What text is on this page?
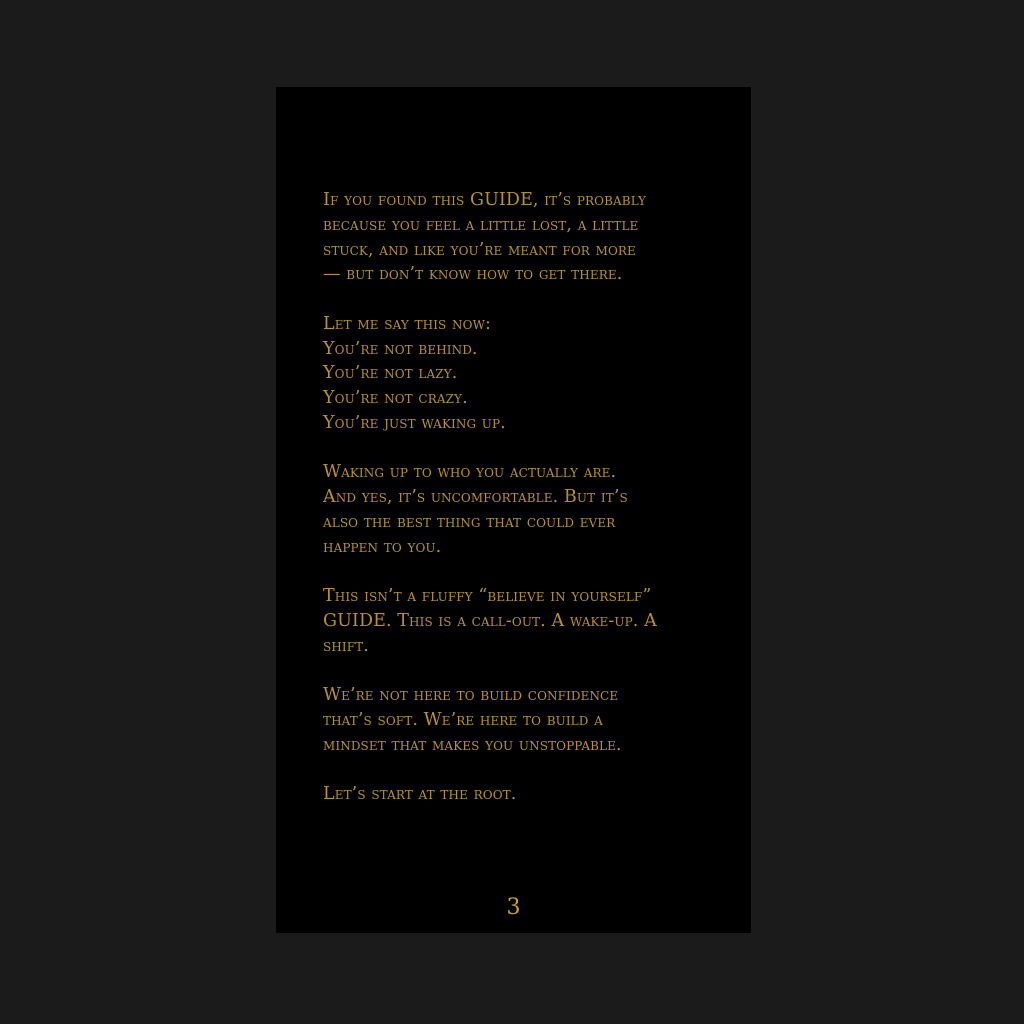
If you found this GUIDE, it’s probably
because you feel a little lost, a little
stuck, and like you’re meant for more
— but don’t know how to get there.

Let me say this now:
You’re not behind.
You’re not lazy.
You’re not crazy.
You’re just waking up.

Waking up to who you actually are.
And yes, it’s uncomfortable. But it’s
also the best thing that could ever
happen to you.

This isn’t a fluffy “believe in yourself”
GUIDE. This is a call-out. A wake-up. A
shift.

We’re not here to build confidence
that’s soft. We’re here to build a
mindset that makes you unstoppable.

Let’s start at the root.

3
